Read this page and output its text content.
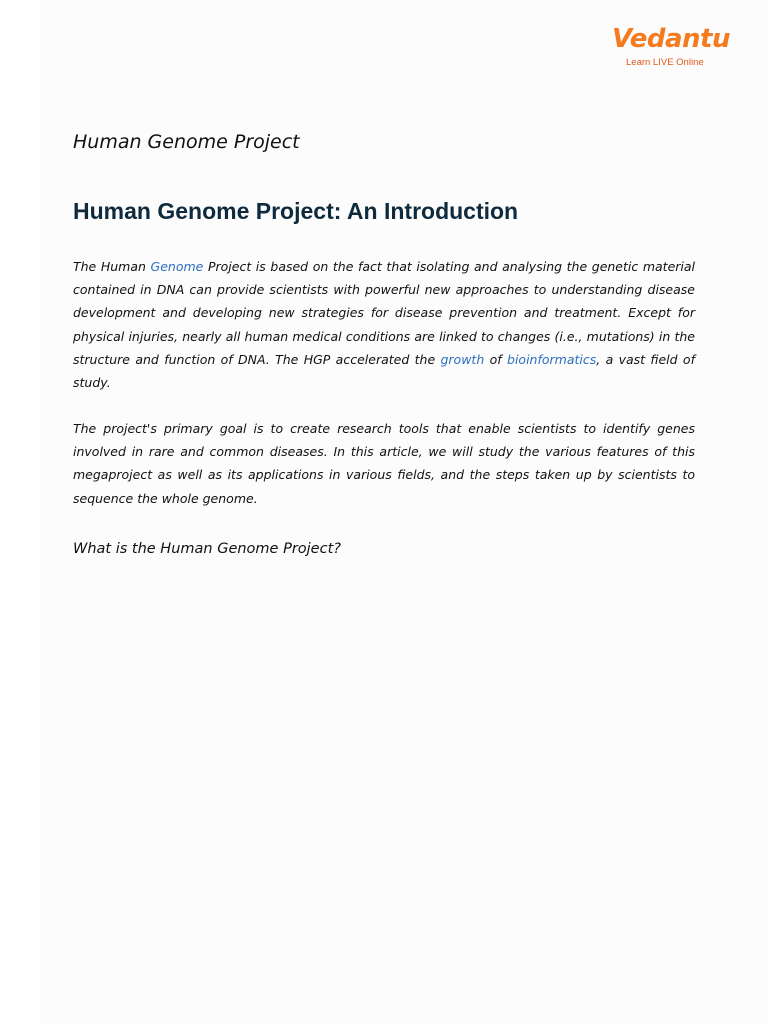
Vedantu
Learn LIVE Online
Human Genome Project
Human Genome Project: An Introduction

The Human Genome Project is based on the fact that isolating and analysing the genetic material contained in DNA can provide scientists with powerful new approaches to understanding disease development and developing new strategies for disease prevention and treatment. Except for physical injuries, nearly all human medical conditions are linked to changes (i.e., mutations) in the structure and function of DNA. The HGP accelerated the growth of bioinformatics, a vast field of study.

The project's primary goal is to create research tools that enable scientists to identify genes involved in rare and common diseases. In this article, we will study the various features of this megaproject as well as its applications in various fields, and the steps taken up by scientists to sequence the whole genome.

What is the Human Genome Project?
